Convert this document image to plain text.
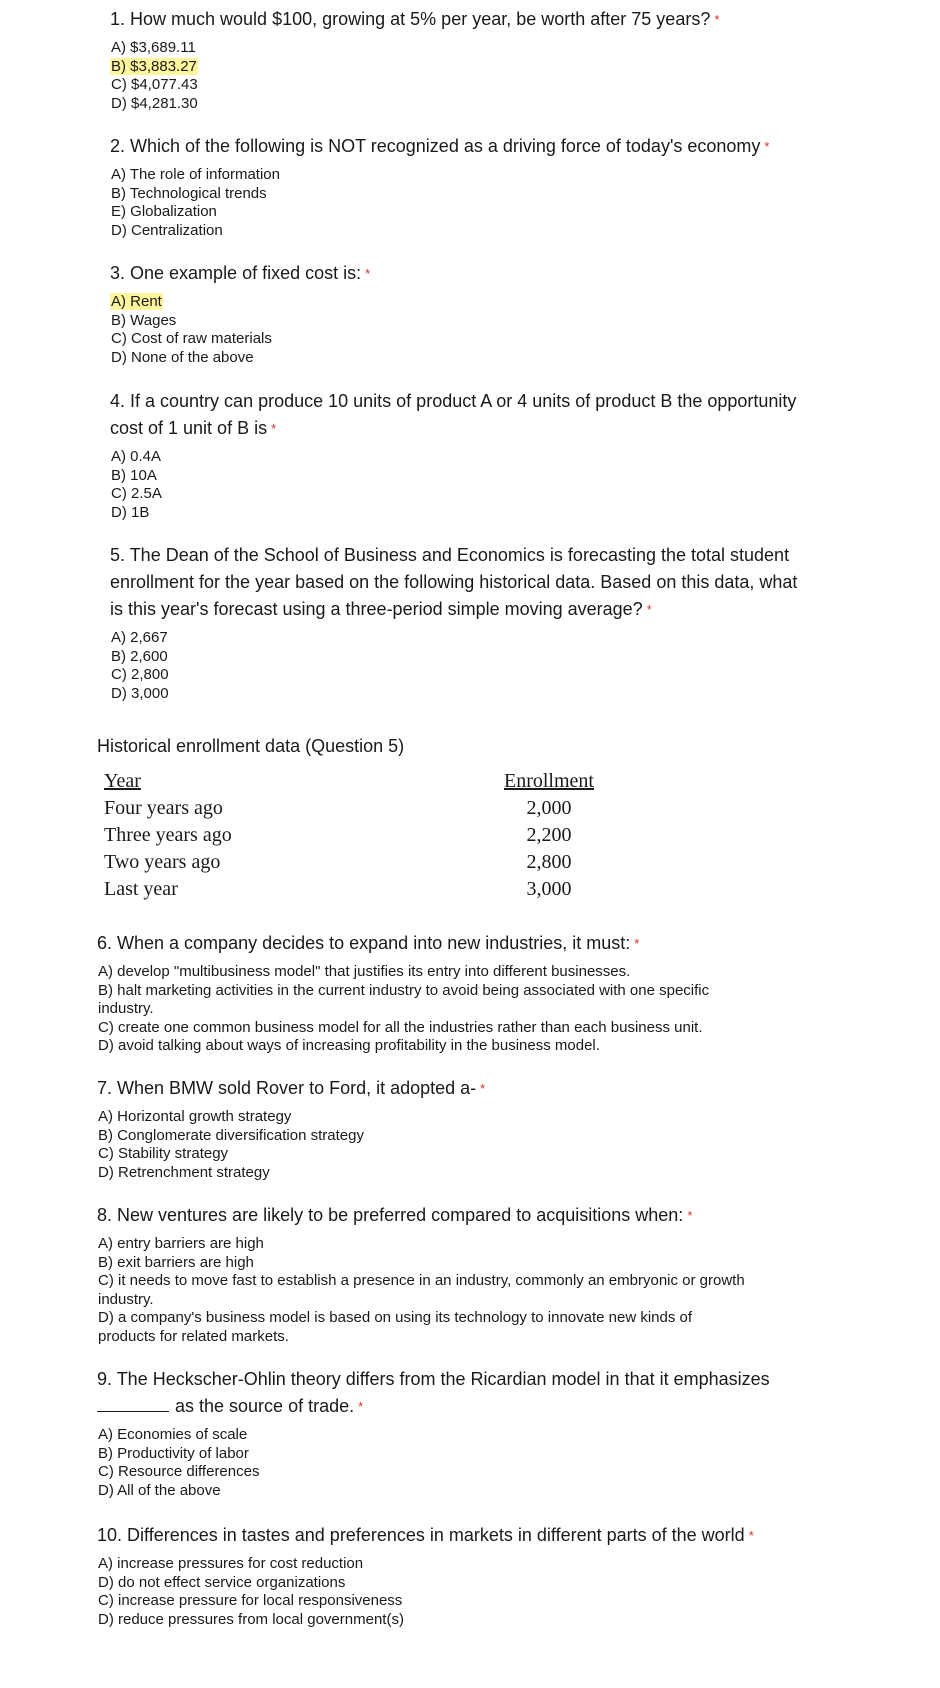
1. How much would $100, growing at 5% per year, be worth after 75 years? *
A) $3,689.11
B) $3,883.27
C) $4,077.43
D) $4,281.30
2. Which of the following is NOT recognized as a driving force of today's economy *
A) The role of information
B) Technological trends
E) Globalization
D) Centralization
3. One example of fixed cost is: *
A) Rent
B) Wages
C) Cost of raw materials
D) None of the above
4. If a country can produce 10 units of product A or 4 units of product B the opportunity
cost of 1 unit of B is *
A) 0.4A
B) 10A
C) 2.5A
D) 1B
5. The Dean of the School of Business and Economics is forecasting the total student
enrollment for the year based on the following historical data. Based on this data, what
is this year's forecast using a three-period simple moving average? *
A) 2,667
B) 2,600
C) 2,800
D) 3,000
Historical enrollment data (Question 5)
Year	Enrollment
Four years ago	2,000
Three years ago	2,200
Two years ago	2,800
Last year	3,000
6. When a company decides to expand into new industries, it must: *
A) develop "multibusiness model" that justifies its entry into different businesses.
B) halt marketing activities in the current industry to avoid being associated with one specific
industry.
C) create one common business model for all the industries rather than each business unit.
D) avoid talking about ways of increasing profitability in the business model.
7. When BMW sold Rover to Ford, it adopted a- *
A) Horizontal growth strategy
B) Conglomerate diversification strategy
C) Stability strategy
D) Retrenchment strategy
8. New ventures are likely to be preferred compared to acquisitions when: *
A) entry barriers are high
B) exit barriers are high
C) it needs to move fast to establish a presence in an industry, commonly an embryonic or growth
industry.
D) a company's business model is based on using its technology to innovate new kinds of
products for related markets.
9. The Heckscher-Ohlin theory differs from the Ricardian model in that it emphasizes
as the source of trade. *
A) Economies of scale
B) Productivity of labor
C) Resource differences
D) All of the above
10. Differences in tastes and preferences in markets in different parts of the world *
A) increase pressures for cost reduction
D) do not effect service organizations
C) increase pressure for local responsiveness
D) reduce pressures from local government(s)
